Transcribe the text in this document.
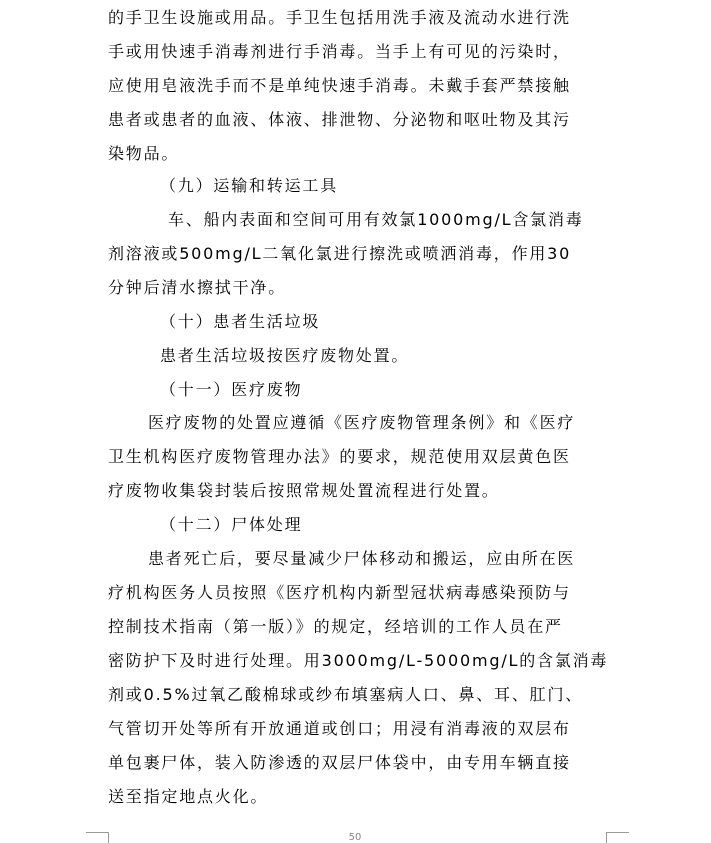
的手卫生设施或用品。手卫生包括用洗手液及流动水进行洗
手或用快速手消毒剂进行手消毒。当手上有可见的污染时，
应使用皂液洗手而不是单纯快速手消毒。未戴手套严禁接触
患者或患者的血液、体液、排泄物、分泌物和呕吐物及其污
染物品。
（九）运输和转运工具
车、船内表面和空间可用有效氯1000mg/L含氯消毒
剂溶液或500mg/L二氧化氯进行擦洗或喷洒消毒，作用30
分钟后清水擦拭干净。
（十）患者生活垃圾
患者生活垃圾按医疗废物处置。
（十一）医疗废物
医疗废物的处置应遵循《医疗废物管理条例》和《医疗
卫生机构医疗废物管理办法》的要求，规范使用双层黄色医
疗废物收集袋封装后按照常规处置流程进行处置。
（十二）尸体处理
患者死亡后，要尽量减少尸体移动和搬运，应由所在医
疗机构医务人员按照《医疗机构内新型冠状病毒感染预防与
控制技术指南（第一版）》的规定，经培训的工作人员在严
密防护下及时进行处理。用3000mg/L-5000mg/L的含氯消毒
剂或0.5%过氧乙酸棉球或纱布填塞病人口、鼻、耳、肛门、
气管切开处等所有开放通道或创口；用浸有消毒液的双层布
单包裹尸体，装入防渗透的双层尸体袋中，由专用车辆直接
送至指定地点火化。
50
